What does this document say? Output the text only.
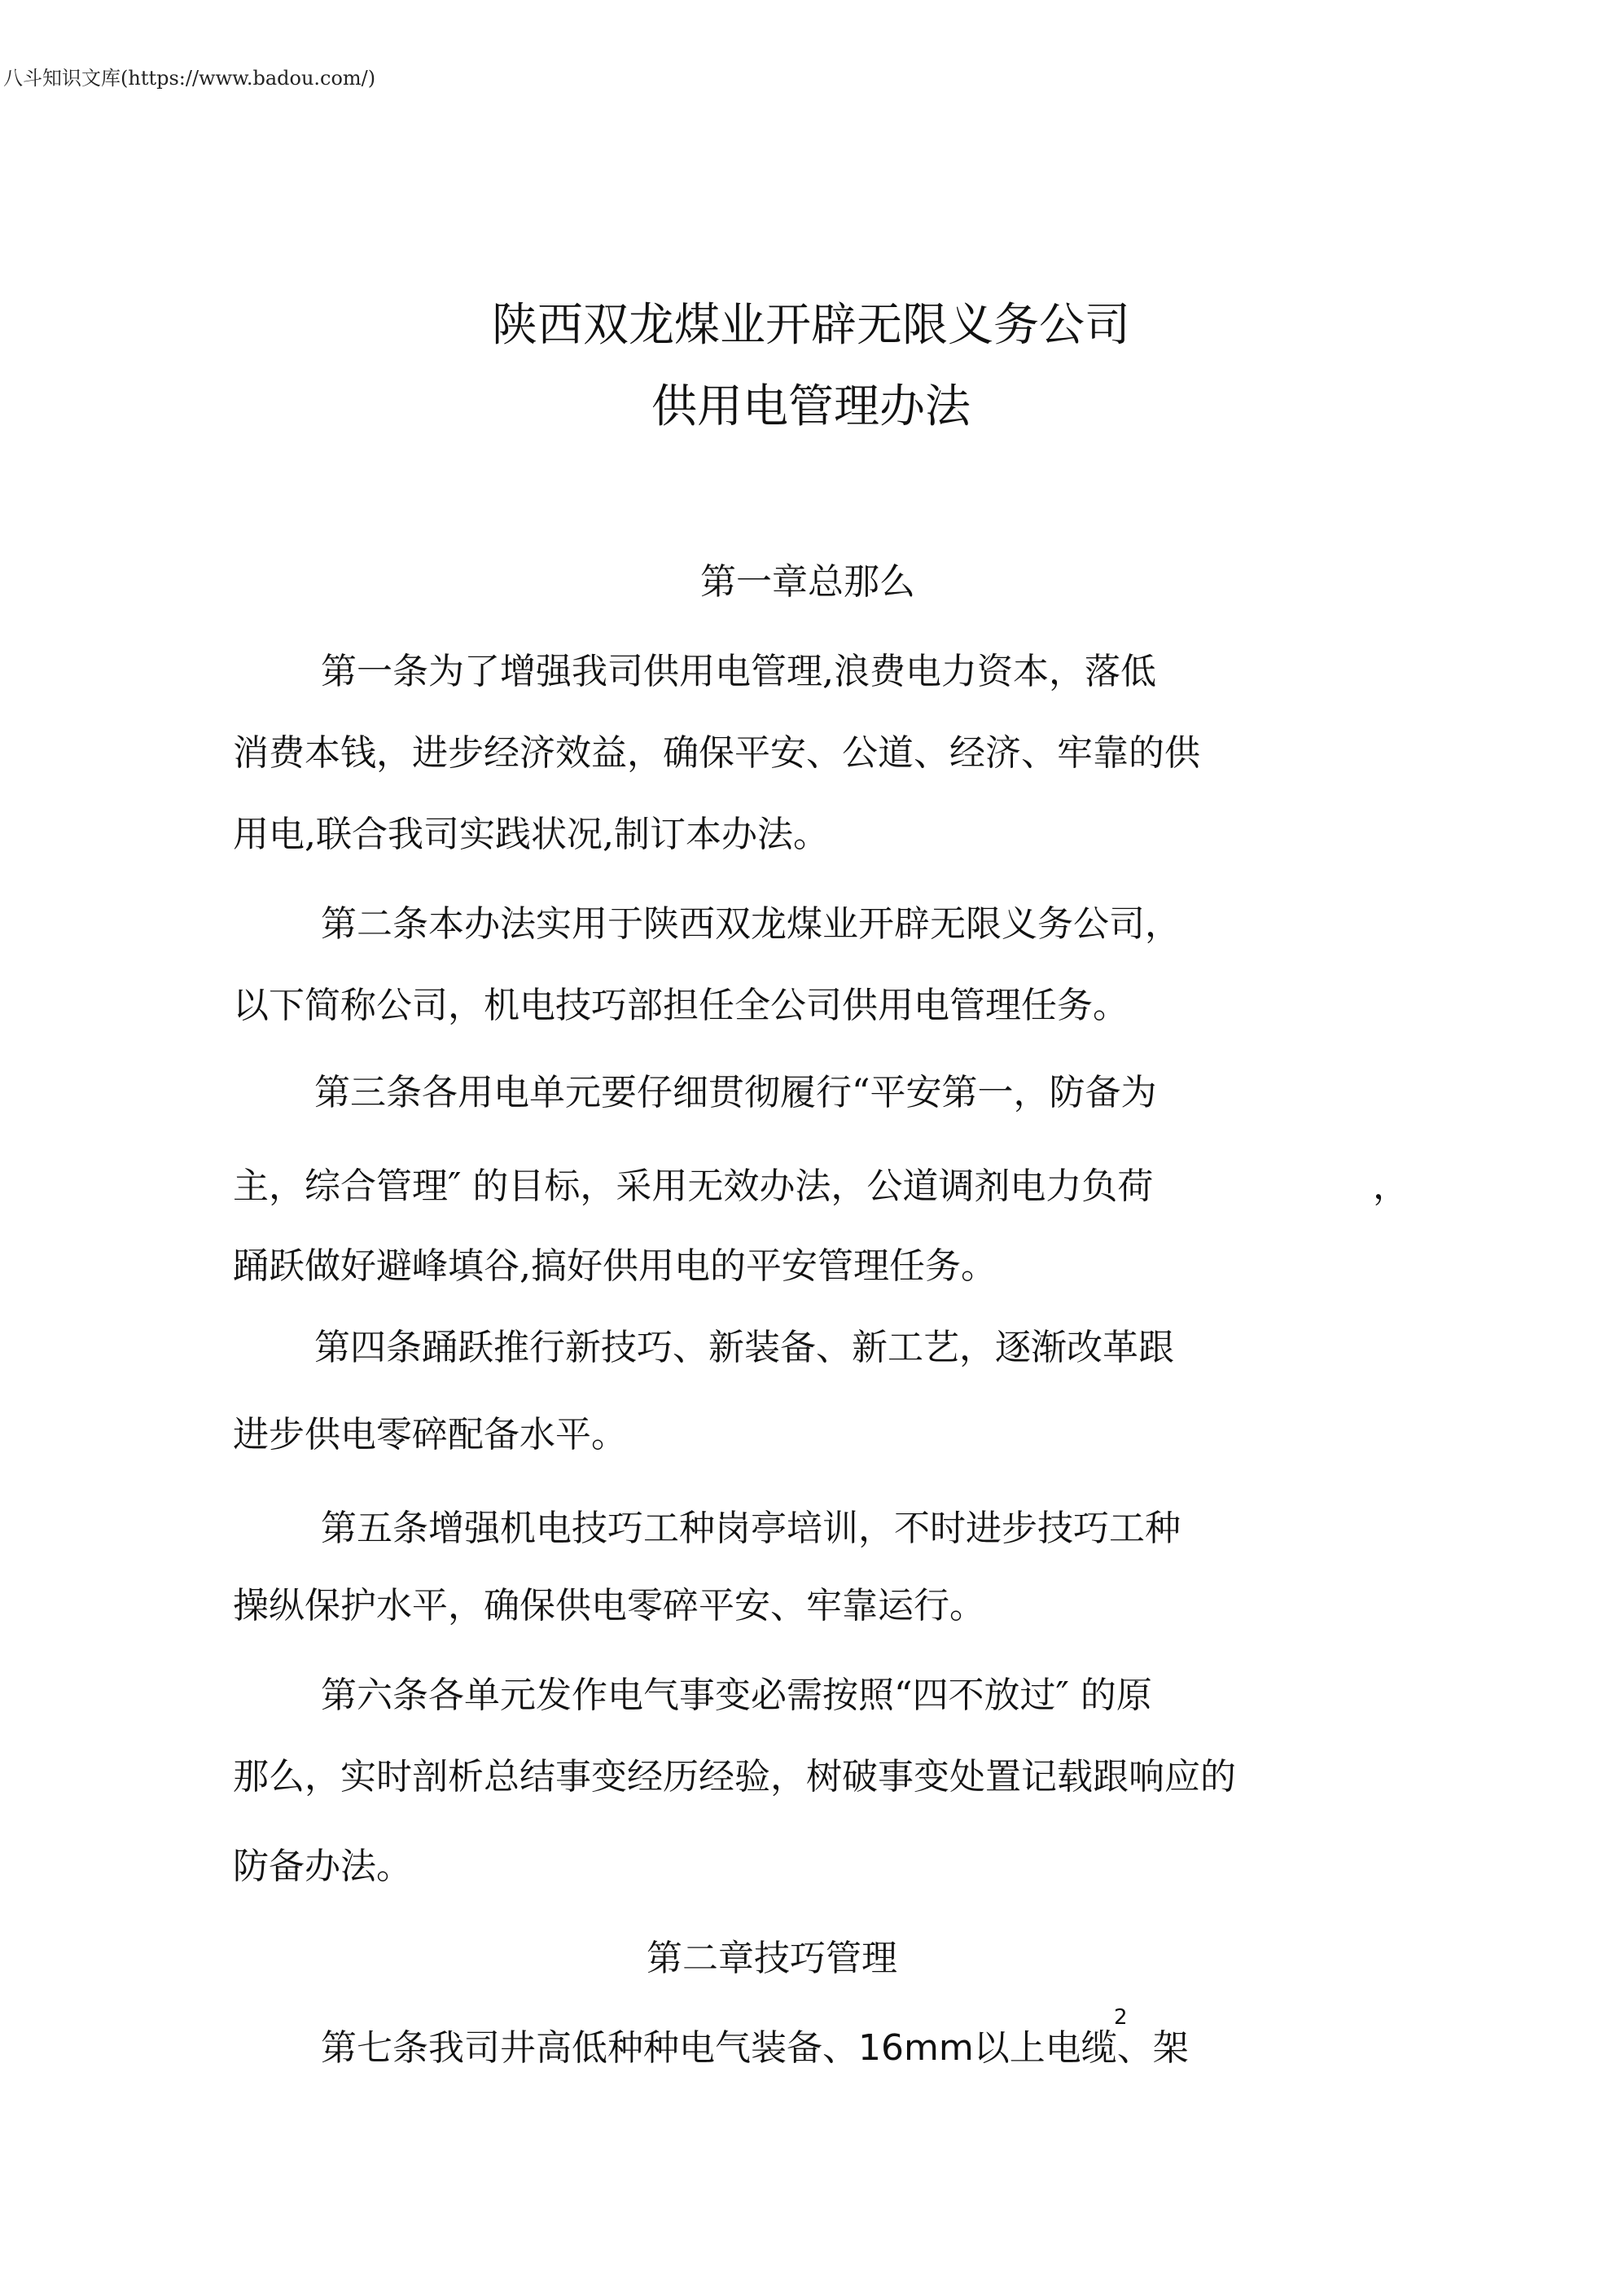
八斗知识文库(https://www.badou.com/)
陕西双龙煤业开辟无限义务公司
供用电管理办法
第一章总那么
第一条为了增强我司供用电管理,浪费电力资本，落低
消费本钱，进步经济效益，确保平安、公道、经济、牢靠的供
用电,联合我司实践状况,制订本办法。
第二条本办法实用于陕西双龙煤业开辟无限义务公司，
以下简称公司，机电技巧部担任全公司供用电管理任务。
第三条各用电单元要仔细贯彻履行“平安第一，防备为
主，综合管理″ 的目标，采用无效办法，公道调剂电力负荷	，
踊跃做好避峰填谷,搞好供用电的平安管理任务。
第四条踊跃推行新技巧、新装备、新工艺，逐渐改革跟
进步供电零碎配备水平。
第五条增强机电技巧工种岗亭培训，不时进步技巧工种
操纵保护水平，确保供电零碎平安、牢靠运行。
第六条各单元发作电气事变必需按照“四不放过″ 的原
那么，实时剖析总结事变经历经验，树破事变处置记载跟响应的
防备办法。
第二章技巧管理
第七条我司井高低种种电气装备、16mm以上电缆、架
2
